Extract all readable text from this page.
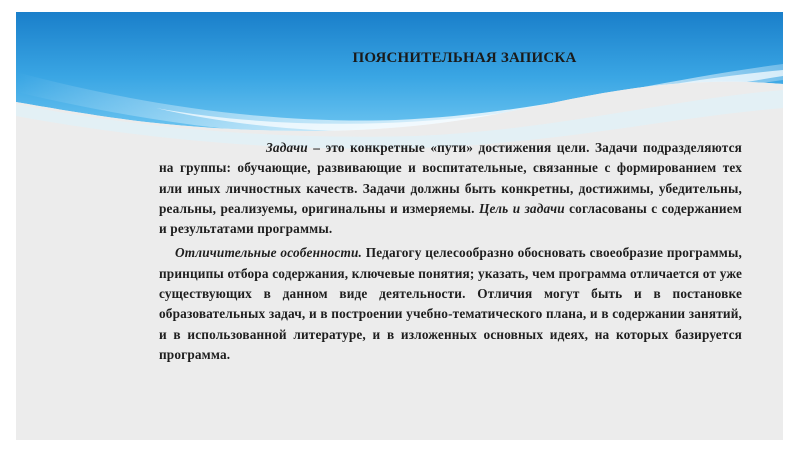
ПОЯСНИТЕЛЬНАЯ ЗАПИСКА

Задачи – это конкретные «пути» достижения цели. Задачи подразделяются на группы: обучающие, развивающие и воспитательные, связанные с формированием тех или иных личностных качеств. Задачи должны быть конкретны, достижимы, убедительны, реальны, реализуемы, оригинальны и измеряемы. Цель и задачи согласованы с содержанием и результатами программы.

Отличительные особенности. Педагогу целесообразно обосновать своеобразие программы, принципы отбора содержания, ключевые понятия; указать, чем программа отличается от уже существующих в данном виде деятельности. Отличия могут быть и в постановке образовательных задач, и в построении учебно-тематического плана, и в содержании занятий, и в использованной литературе, и в изложенных основных идеях, на которых базируется программа.
